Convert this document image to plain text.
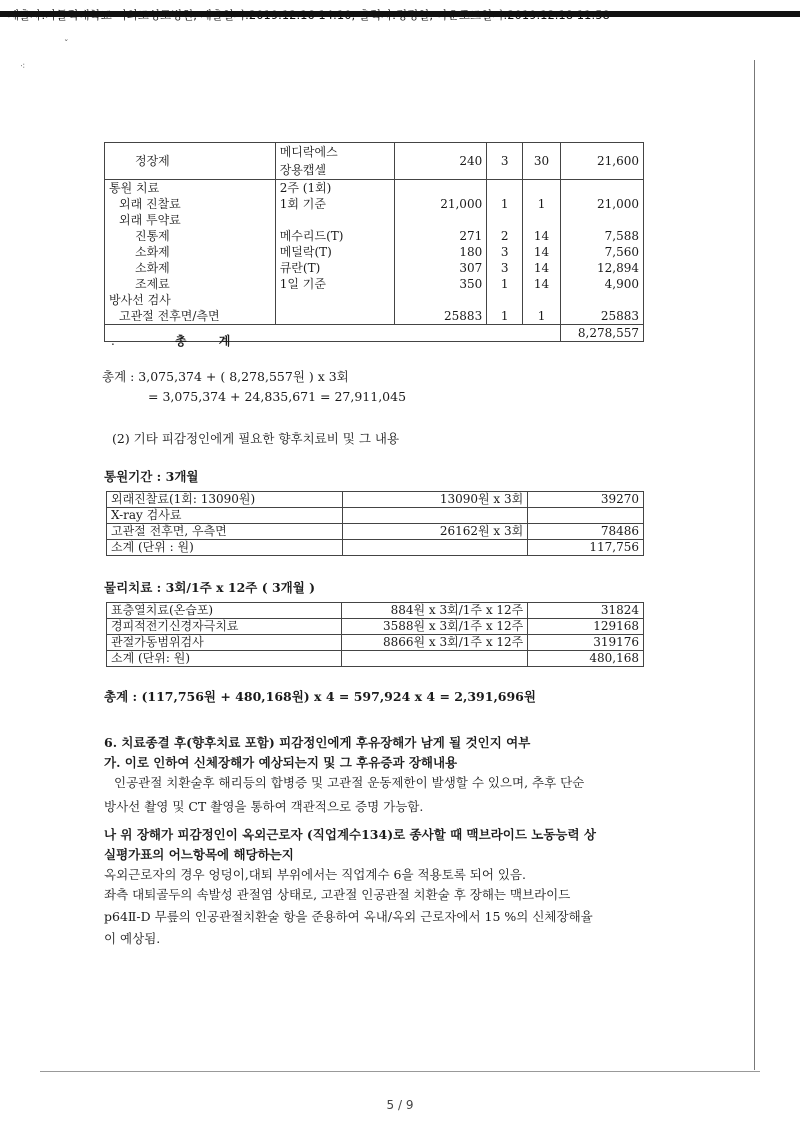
ˇ
⁖
정장제	메디락에스
장용캡셀	240	3	30	21,600
통원 치료	2주 (1회)				
외래 진찰료	1회 기준	21,000	1	1	21,000
외래 투약료					
진통제	메수리드(T)	271	2	14	7,588
소화제	메덜락(T)	180	3	14	7,560
소화제	큐란(T)	307	3	14	12,894
조제료	1일 기준	350	1	14	4,900
방사선 검사					
고관절 전후면/측면		25883	1	1	25883

. 총 계					8,278,557
총계 : 3,075,374 + ( 8,278,557원 ) x 3회
= 3,075,374 + 24,835,671 = 27,911,045
(2) 기타 피감정인에게 필요한 향후치료비 및 그 내용
통원기간 : 3개월
외래진찰료(1회: 13090원)	13090원 x 3회	39270
X-ray 검사료		
고관절 전후면, 우측면	26162원 x 3회	78486
소계 (단위 : 원)		117,756
물리치료 : 3회/1주 x 12주 ( 3개월 )
표층열치료(온습포)	884원 x 3회/1주 x 12주	31824
경피적전기신경자극치료	3588원 x 3회/1주 x 12주	129168
관절가동범위검사	8866원 x 3회/1주 x 12주	319176
소계 (단위: 원)		480,168
총계 : (117,756원 + 480,168원) x 4 = 597,924 x 4 = 2,391,696원
6. 치료종결 후(향후치료 포함) 피감정인에게 후유장해가 남게 될 것인지 여부
가. 이로 인하여 신체장해가 예상되는지 및 그 후유증과 장해내용
인공관절 치환술후 해리등의 합병증 및 고관절 운동제한이 발생할 수 있으며, 추후 단순
방사선 촬영 및 CT 촬영을 통하여 객관적으로 증명 가능함.
나 위 장해가 피감정인이 옥외근로자 (직업계수134)로 종사할 때 맥브라이드 노동능력 상
실평가표의 어느항목에 해당하는지
옥외근로자의 경우 엉덩이,대퇴 부위에서는 직업계수 6을 적용토록 되어 있음.
좌측 대퇴골두의 속발성 관절염 상태로, 고관절 인공관절 치환술 후 장해는 맥브라이드
p64Ⅱ-D 무릎의 인공관절치환술 항을 준용하여 옥내/옥외 근로자에서 15 %의 신체장해율
이 예상됨.
5 / 9
